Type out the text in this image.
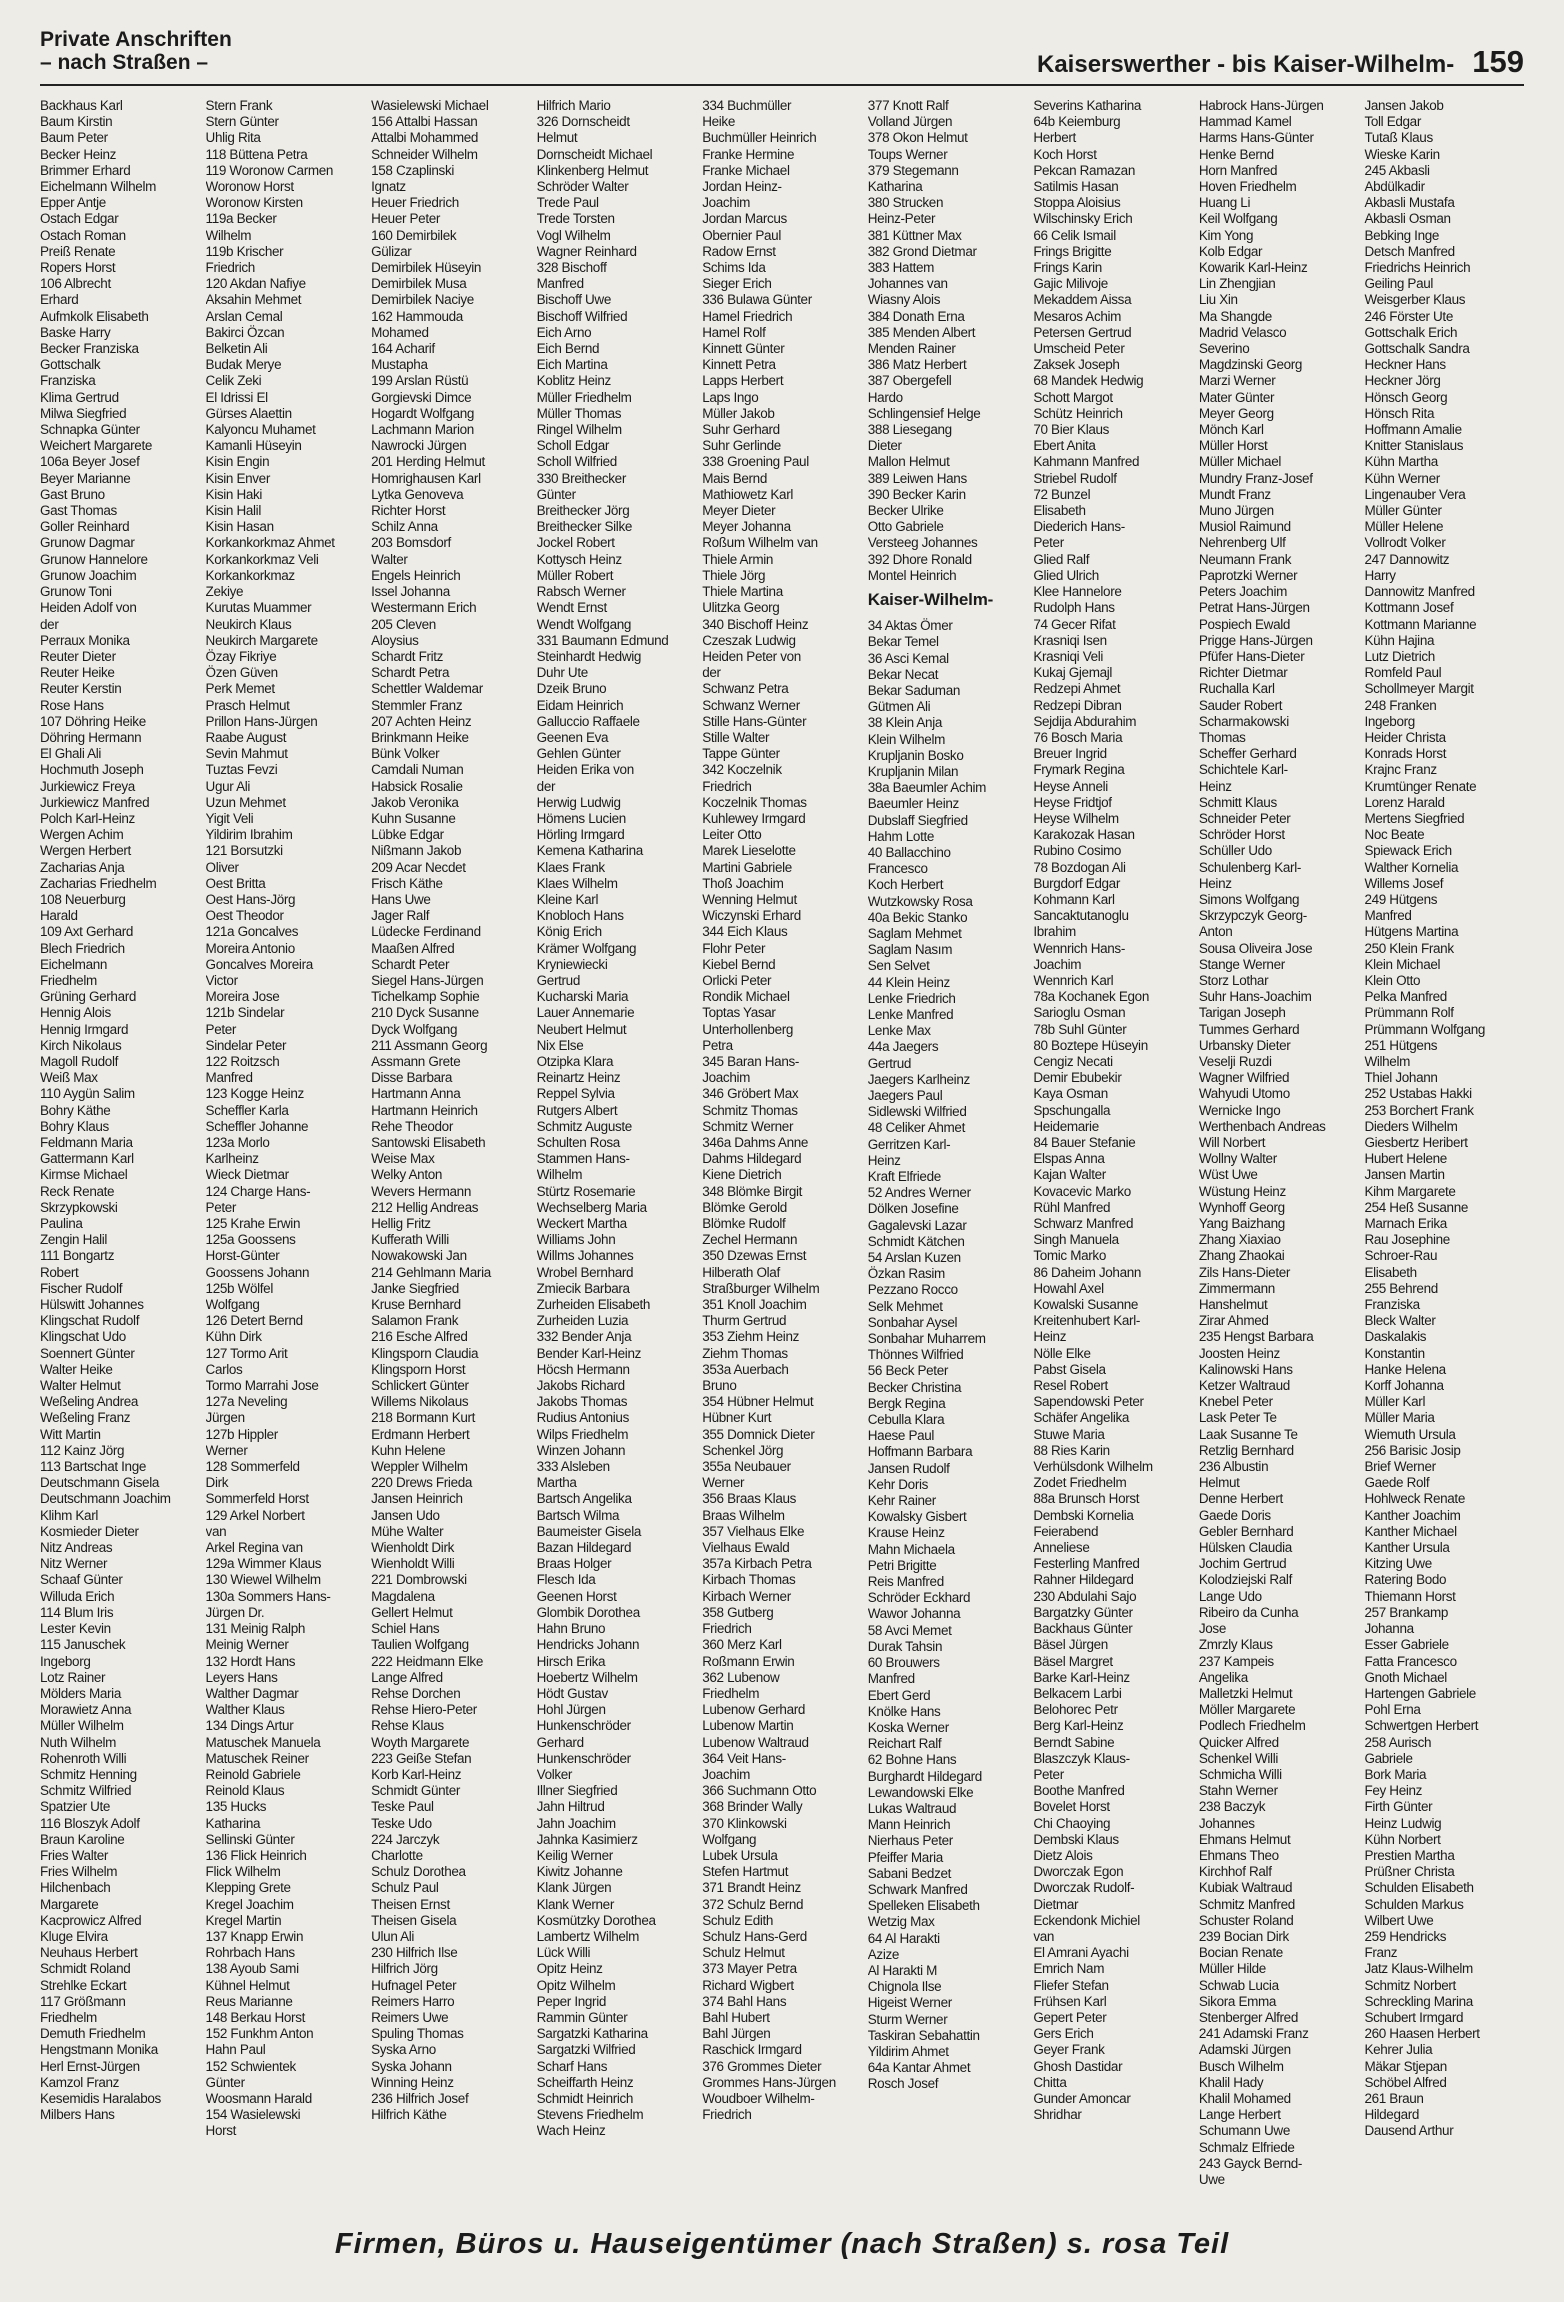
Private Anschriften
– nach Straßen –	Kaiserswerther - bis Kaiser-Wilhelm- 159
Backhaus Karl
Baum Kirstin
Baum Peter
Becker Heinz
Brimmer Erhard
Eichelmann Wilhelm
Epper Antje
Ostach Edgar
Ostach Roman
Preiß Renate
Ropers Horst
106 Albrecht
Erhard
Aufmkolk Elisabeth
Baske Harry
Becker Franziska
Gottschalk
Franziska
Klima Gertrud
Milwa Siegfried
Schnapka Günter
Weichert Margarete
106a Beyer Josef
Beyer Marianne
Gast Bruno
Gast Thomas
Goller Reinhard
Grunow Dagmar
Grunow Hannelore
Grunow Joachim
Grunow Toni
Heiden Adolf von
der
Perraux Monika
Reuter Dieter
Reuter Heike
Reuter Kerstin
Rose Hans
107 Döhring Heike
Döhring Hermann
El Ghali Ali
Hochmuth Joseph
Jurkiewicz Freya
Jurkiewicz Manfred
Polch Karl-Heinz
Wergen Achim
Wergen Herbert
Zacharias Anja
Zacharias Friedhelm
108 Neuerburg
Harald
109 Axt Gerhard
Blech Friedrich
Eichelmann
Friedhelm
Grüning Gerhard
Hennig Alois
Hennig Irmgard
Kirch Nikolaus
Magoll Rudolf
Weiß Max
110 Aygün Salim
Bohry Käthe
Bohry Klaus
Feldmann Maria
Gattermann Karl
Kirmse Michael
Reck Renate
Skrzypkowski
Paulina
Zengin Halil
111 Bongartz
Robert
Fischer Rudolf
Hülswitt Johannes
Klingschat Rudolf
Klingschat Udo
Soennert Günter
Walter Heike
Walter Helmut
Weßeling Andrea
Weßeling Franz
Witt Martin
112 Kainz Jörg
113 Bartschat Inge
Deutschmann Gisela
Deutschmann Joachim
Klihm Karl
Kosmieder Dieter
Nitz Andreas
Nitz Werner
Schaaf Günter
Willuda Erich
114 Blum Iris
Lester Kevin
115 Januschek
Ingeborg
Lotz Rainer
Mölders Maria
Morawietz Anna
Müller Wilhelm
Nuth Wilhelm
Rohenroth Willi
Schmitz Henning
Schmitz Wilfried
Spatzier Ute
116 Bloszyk Adolf
Braun Karoline
Fries Walter
Fries Wilhelm
Hilchenbach
Margarete
Kacprowicz Alfred
Kluge Elvira
Neuhaus Herbert
Schmidt Roland
Strehlke Eckart
117 Größmann
Friedhelm
Demuth Friedhelm
Hengstmann Monika
Herl Ernst-Jürgen
Kamzol Franz
Kesemidis Haralabos
Milbers Hans
Stern Frank
Stern Günter
Uhlig Rita
118 Büttena Petra
119 Woronow Carmen
Woronow Horst
Woronow Kirsten
119a Becker
Wilhelm
119b Krischer
Friedrich
120 Akdan Nafiye
Aksahin Mehmet
Arslan Cemal
Bakirci Özcan
Belketin Ali
Budak Merye
Celik Zeki
El Idrissi El
Gürses Alaettin
Kalyoncu Muhamet
Kamanli Hüseyin
Kisin Engin
Kisin Enver
Kisin Haki
Kisin Halil
Kisin Hasan
Korkankorkmaz Ahmet
Korkankorkmaz Veli
Korkankorkmaz
Zekiye
Kurutas Muammer
Neukirch Klaus
Neukirch Margarete
Özay Fikriye
Özen Güven
Perk Memet
Prasch Helmut
Prillon Hans-Jürgen
Raabe August
Sevin Mahmut
Tuztas Fevzi
Ugur Ali
Uzun Mehmet
Yigit Veli
Yildirim Ibrahim
121 Borsutzki
Oliver
Oest Britta
Oest Hans-Jörg
Oest Theodor
121a Goncalves
Moreira Antonio
Goncalves Moreira
Victor
Moreira Jose
121b Sindelar
Peter
Sindelar Peter
122 Roitzsch
Manfred
123 Kogge Heinz
Scheffler Karla
Scheffler Johanne
123a Morlo
Karlheinz
Wieck Dietmar
124 Charge Hans-
Peter
125 Krahe Erwin
125a Goossens
Horst-Günter
Goossens Johann
125b Wölfel
Wolfgang
126 Detert Bernd
Kühn Dirk
127 Tormo Arit
Carlos
Tormo Marrahi Jose
127a Neveling
Jürgen
127b Hippler
Werner
128 Sommerfeld
Dirk
Sommerfeld Horst
129 Arkel Norbert
van
Arkel Regina van
129a Wimmer Klaus
130 Wiewel Wilhelm
130a Sommers Hans-
Jürgen Dr.
131 Meinig Ralph
Meinig Werner
132 Hordt Hans
Leyers Hans
Walther Dagmar
Walther Klaus
134 Dings Artur
Matuschek Manuela
Matuschek Reiner
Reinold Gabriele
Reinold Klaus
135 Hucks
Katharina
Sellinski Günter
136 Flick Heinrich
Flick Wilhelm
Klepping Grete
Kregel Joachim
Kregel Martin
137 Knapp Erwin
Rohrbach Hans
138 Ayoub Sami
Kühnel Helmut
Reus Marianne
148 Berkau Horst
152 Funkhm Anton
Hahn Paul
152 Schwientek
Günter
Woosmann Harald
154 Wasielewski
Horst
Wasielewski Michael
156 Attalbi Hassan
Attalbi Mohammed
Schneider Wilhelm
158 Czaplinski
Ignatz
Heuer Friedrich
Heuer Peter
160 Demirbilek
Gülizar
Demirbilek Hüseyin
Demirbilek Musa
Demirbilek Naciye
162 Hammouda
Mohamed
164 Acharif
Mustapha
199 Arslan Rüstü
Gorgievski Dimce
Hogardt Wolfgang
Lachmann Marion
Nawrocki Jürgen
201 Herding Helmut
Homrighausen Karl
Lytka Genoveva
Richter Horst
Schilz Anna
203 Bomsdorf
Walter
Engels Heinrich
Issel Johanna
Westermann Erich
205 Cleven
Aloysius
Schardt Fritz
Schardt Petra
Schettler Waldemar
Stemmler Franz
207 Achten Heinz
Brinkmann Heike
Bünk Volker
Camdali Numan
Habsick Rosalie
Jakob Veronika
Kuhn Susanne
Lübke Edgar
Nißmann Jakob
209 Acar Necdet
Frisch Käthe
Hans Uwe
Jager Ralf
Lüdecke Ferdinand
Maaßen Alfred
Schardt Peter
Siegel Hans-Jürgen
Tichelkamp Sophie
210 Dyck Susanne
Dyck Wolfgang
211 Assmann Georg
Assmann Grete
Disse Barbara
Hartmann Anna
Hartmann Heinrich
Rehe Theodor
Santowski Elisabeth
Weise Max
Welky Anton
Wevers Hermann
212 Hellig Andreas
Hellig Fritz
Kufferath Willi
Nowakowski Jan
214 Gehlmann Maria
Janke Siegfried
Kruse Bernhard
Salamon Frank
216 Esche Alfred
Klingsporn Claudia
Klingsporn Horst
Schlickert Günter
Willems Nikolaus
218 Bormann Kurt
Erdmann Herbert
Kuhn Helene
Weppler Wilhelm
220 Drews Frieda
Jansen Heinrich
Jansen Udo
Mühe Walter
Wienholdt Dirk
Wienholdt Willi
221 Dombrowski
Magdalena
Gellert Helmut
Schiel Hans
Taulien Wolfgang
222 Heidmann Elke
Lange Alfred
Rehse Dorchen
Rehse Hiero-Peter
Rehse Klaus
Woyth Margarete
223 Geiße Stefan
Korb Karl-Heinz
Schmidt Günter
Teske Paul
Teske Udo
224 Jarczyk
Charlotte
Schulz Dorothea
Schulz Paul
Theisen Ernst
Theisen Gisela
Ulun Ali
230 Hilfrich Ilse
Hilfrich Jörg
Hufnagel Peter
Reimers Harro
Reimers Uwe
Spuling Thomas
Syska Arno
Syska Johann
Winning Heinz
236 Hilfrich Josef
Hilfrich Käthe
Hilfrich Mario
326 Dornscheidt
Helmut
Dornscheidt Michael
Klinkenberg Helmut
Schröder Walter
Trede Paul
Trede Torsten
Vogl Wilhelm
Wagner Reinhard
328 Bischoff
Manfred
Bischoff Uwe
Bischoff Wilfried
Eich Arno
Eich Bernd
Eich Martina
Koblitz Heinz
Müller Friedhelm
Müller Thomas
Ringel Wilhelm
Scholl Edgar
Scholl Wilfried
330 Breithecker
Günter
Breithecker Jörg
Breithecker Silke
Jockel Robert
Kottysch Heinz
Müller Robert
Rabsch Werner
Wendt Ernst
Wendt Wolfgang
331 Baumann Edmund
Steinhardt Hedwig
Duhr Ute
Dzeik Bruno
Eidam Heinrich
Galluccio Raffaele
Geenen Eva
Gehlen Günter
Heiden Erika von
der
Herwig Ludwig
Hömens Lucien
Hörling Irmgard
Kemena Katharina
Klaes Frank
Klaes Wilhelm
Kleine Karl
Knobloch Hans
König Erich
Krämer Wolfgang
Kryniewiecki
Gertrud
Kucharski Maria
Lauer Annemarie
Neubert Helmut
Nix Else
Otzipka Klara
Reinartz Heinz
Reppel Sylvia
Rutgers Albert
Schmitz Auguste
Schulten Rosa
Stammen Hans-
Wilhelm
Stürtz Rosemarie
Wechselberg Maria
Weckert Martha
Williams John
Willms Johannes
Wrobel Bernhard
Zmiecik Barbara
Zurheiden Elisabeth
Zurheiden Luzia
332 Bender Anja
Bender Karl-Heinz
Höcsh Hermann
Jakobs Richard
Jakobs Thomas
Rudius Antonius
Wilps Friedhelm
Winzen Johann
333 Alsleben
Martha
Bartsch Angelika
Bartsch Wilma
Baumeister Gisela
Bazan Hildegard
Braas Holger
Flesch Ida
Geenen Horst
Glombik Dorothea
Hahn Bruno
Hendricks Johann
Hirsch Erika
Hoebertz Wilhelm
Hödt Gustav
Hohl Jürgen
Hunkenschröder
Gerhard
Hunkenschröder
Volker
Illner Siegfried
Jahn Hiltrud
Jahn Joachim
Jahnka Kasimierz
Keilig Werner
Kiwitz Johanne
Klank Jürgen
Klank Werner
Kosmützky Dorothea
Lambertz Wilhelm
Lück Willi
Opitz Heinz
Opitz Wilhelm
Peper Ingrid
Rammin Günter
Sargatzki Katharina
Sargatzki Wilfried
Scharf Hans
Scheiffarth Heinz
Schmidt Heinrich
Stevens Friedhelm
Wach Heinz
334 Buchmüller
Heike
Buchmüller Heinrich
Franke Hermine
Franke Michael
Jordan Heinz-
Joachim
Jordan Marcus
Obernier Paul
Radow Ernst
Schims Ida
Sieger Erich
336 Bulawa Günter
Hamel Friedrich
Hamel Rolf
Kinnett Günter
Kinnett Petra
Lapps Herbert
Laps Ingo
Müller Jakob
Suhr Gerhard
Suhr Gerlinde
338 Groening Paul
Mais Bernd
Mathiowetz Karl
Meyer Dieter
Meyer Johanna
Roßum Wilhelm van
Thiele Armin
Thiele Jörg
Thiele Martina
Ulitzka Georg
340 Bischoff Heinz
Czeszak Ludwig
Heiden Peter von
der
Schwanz Petra
Schwanz Werner
Stille Hans-Günter
Stille Walter
Tappe Günter
342 Koczelnik
Friedrich
Koczelnik Thomas
Kuhlewey Irmgard
Leiter Otto
Marek Lieselotte
Martini Gabriele
Thoß Joachim
Wenning Helmut
Wiczynski Erhard
344 Eich Klaus
Flohr Peter
Kiebel Bernd
Orlicki Peter
Rondik Michael
Toptas Yasar
Unterhollenberg
Petra
345 Baran Hans-
Joachim
346 Gröbert Max
Schmitz Thomas
Schmitz Werner
346a Dahms Anne
Dahms Hildegard
Kiene Dietrich
348 Blömke Birgit
Blömke Gerold
Blömke Rudolf
Zechel Hermann
350 Dzewas Ernst
Hilberath Olaf
Straßburger Wilhelm
351 Knoll Joachim
Thurm Gertrud
353 Ziehm Heinz
Ziehm Thomas
353a Auerbach
Bruno
354 Hübner Helmut
Hübner Kurt
355 Domnick Dieter
Schenkel Jörg
355a Neubauer
Werner
356 Braas Klaus
Braas Wilhelm
357 Vielhaus Elke
Vielhaus Ewald
357a Kirbach Petra
Kirbach Thomas
Kirbach Werner
358 Gutberg
Friedrich
360 Merz Karl
Roßmann Erwin
362 Lubenow
Friedhelm
Lubenow Gerhard
Lubenow Martin
Lubenow Waltraud
364 Veit Hans-
Joachim
366 Suchmann Otto
368 Brinder Wally
370 Klinkowski
Wolfgang
Lubek Ursula
Stefen Hartmut
371 Brandt Heinz
372 Schulz Bernd
Schulz Edith
Schulz Hans-Gerd
Schulz Helmut
373 Mayer Petra
Richard Wigbert
374 Bahl Hans
Bahl Hubert
Bahl Jürgen
Raschick Irmgard
376 Grommes Dieter
Grommes Hans-Jürgen
Woudboer Wilhelm-
Friedrich
377 Knott Ralf
Volland Jürgen
378 Okon Helmut
Toups Werner
379 Stegemann
Katharina
380 Strucken
Heinz-Peter
381 Küttner Max
382 Grond Dietmar
383 Hattem
Johannes van
Wiasny Alois
384 Donath Erna
385 Menden Albert
Menden Rainer
386 Matz Herbert
387 Obergefell
Hardo
Schlingensief Helge
388 Liesegang
Dieter
Mallon Helmut
389 Leiwen Hans
390 Becker Karin
Becker Ulrike
Otto Gabriele
Versteeg Johannes
392 Dhore Ronald
Montel Heinrich
Kaiser-Wilhelm-
34 Aktas Ömer
Bekar Temel
36 Asci Kemal
Bekar Necat
Bekar Saduman
Gütmen Ali
38 Klein Anja
Klein Wilhelm
Krupljanin Bosko
Krupljanin Milan
38a Baeumler Achim
Baeumler Heinz
Dubslaff Siegfried
Hahm Lotte
40 Ballacchino
Francesco
Koch Herbert
Wutzkowsky Rosa
40a Bekic Stanko
Saglam Mehmet
Saglam Nasım
Sen Selvet
44 Klein Heinz
Lenke Friedrich
Lenke Manfred
Lenke Max
44a Jaegers
Gertrud
Jaegers Karlheinz
Jaegers Paul
Sidlewski Wilfried
48 Celiker Ahmet
Gerritzen Karl-
Heinz
Kraft Elfriede
52 Andres Werner
Dölken Josefine
Gagalevski Lazar
Schmidt Kätchen
54 Arslan Kuzen
Özkan Rasim
Pezzano Rocco
Selk Mehmet
Sonbahar Aysel
Sonbahar Muharrem
Thönnes Wilfried
56 Beck Peter
Becker Christina
Bergk Regina
Cebulla Klara
Haese Paul
Hoffmann Barbara
Jansen Rudolf
Kehr Doris
Kehr Rainer
Kowalsky Gisbert
Krause Heinz
Mahn Michaela
Petri Brigitte
Reis Manfred
Schröder Eckhard
Wawor Johanna
58 Avci Memet
Durak Tahsin
60 Brouwers
Manfred
Ebert Gerd
Knölke Hans
Koska Werner
Reichart Ralf
62 Bohne Hans
Burghardt Hildegard
Lewandowski Elke
Lukas Waltraud
Mann Heinrich
Nierhaus Peter
Pfeiffer Maria
Sabani Bedzet
Schwark Manfred
Spelleken Elisabeth
Wetzig Max
64 Al Harakti
Azize
Al Harakti M
Chignola Ilse
Higeist Werner
Sturm Werner
Taskiran Sebahattin
Yildirim Ahmet
64a Kantar Ahmet
Rosch Josef
Severins Katharina
64b Keiemburg
Herbert
Koch Horst
Pekcan Ramazan
Satilmis Hasan
Stoppa Aloisius
Wilschinsky Erich
66 Celik Ismail
Frings Brigitte
Frings Karin
Gajic Milivoje
Mekaddem Aissa
Mesaros Achim
Petersen Gertrud
Umscheid Peter
Zaksek Joseph
68 Mandek Hedwig
Schott Margot
Schütz Heinrich
70 Bier Klaus
Ebert Anita
Kahmann Manfred
Striebel Rudolf
72 Bunzel
Elisabeth
Diederich Hans-
Peter
Glied Ralf
Glied Ulrich
Klee Hannelore
Rudolph Hans
74 Gecer Rifat
Krasniqi Isen
Krasniqi Veli
Kukaj Gjemajl
Redzepi Ahmet
Redzepi Dibran
Sejdija Abdurahim
76 Bosch Maria
Breuer Ingrid
Frymark Regina
Heyse Anneli
Heyse Fridtjof
Heyse Wilhelm
Karakozak Hasan
Rubino Cosimo
78 Bozdogan Ali
Burgdorf Edgar
Kohmann Karl
Sancaktutanoglu
Ibrahim
Wennrich Hans-
Joachim
Wennrich Karl
78a Kochanek Egon
Sarioglu Osman
78b Suhl Günter
80 Boztepe Hüseyin
Cengiz Necati
Demir Ebubekir
Kaya Osman
Spschungalla
Heidemarie
84 Bauer Stefanie
Elspas Anna
Kajan Walter
Kovacevic Marko
Rühl Manfred
Schwarz Manfred
Singh Manuela
Tomic Marko
86 Daheim Johann
Howahl Axel
Kowalski Susanne
Kreitenhubert Karl-
Heinz
Nölle Elke
Pabst Gisela
Resel Robert
Sapendowski Peter
Schäfer Angelika
Stuwe Maria
88 Ries Karin
Verhülsdonk Wilhelm
Zodet Friedhelm
88a Brunsch Horst
Dembski Kornelia
Feierabend
Anneliese
Festerling Manfred
Rahner Hildegard
230 Abdulahi Sajo
Bargatzky Günter
Backhaus Günter
Bäsel Jürgen
Bäsel Margret
Barke Karl-Heinz
Belkacem Larbi
Belohorec Petr
Berg Karl-Heinz
Berndt Sabine
Blaszczyk Klaus-
Peter
Boothe Manfred
Bovelet Horst
Chi Chaoying
Dembski Klaus
Dietz Alois
Dworczak Egon
Dworczak Rudolf-
Dietmar
Eckendonk Michiel
van
El Amrani Ayachi
Emrich Nam
Fliefer Stefan
Frühsen Karl
Gepert Peter
Gers Erich
Geyer Frank
Ghosh Dastidar
Chitta
Gunder Amoncar
Shridhar
Habrock Hans-Jürgen
Hammad Kamel
Harms Hans-Günter
Henke Bernd
Horn Manfred
Hoven Friedhelm
Huang Li
Keil Wolfgang
Kim Yong
Kolb Edgar
Kowarik Karl-Heinz
Lin Zhengjian
Liu Xin
Ma Shangde
Madrid Velasco
Severino
Magdzinski Georg
Marzi Werner
Mater Günter
Meyer Georg
Mönch Karl
Müller Horst
Müller Michael
Mundry Franz-Josef
Mundt Franz
Muno Jürgen
Musiol Raimund
Nehrenberg Ulf
Neumann Frank
Paprotzki Werner
Peters Joachim
Petrat Hans-Jürgen
Pospiech Ewald
Prigge Hans-Jürgen
Pfüfer Hans-Dieter
Richter Dietmar
Ruchalla Karl
Sauder Robert
Scharmakowski
Thomas
Scheffer Gerhard
Schichtele Karl-
Heinz
Schmitt Klaus
Schneider Peter
Schröder Horst
Schüller Udo
Schulenberg Karl-
Heinz
Simons Wolfgang
Skrzypczyk Georg-
Anton
Sousa Oliveira Jose
Stange Werner
Storz Lothar
Suhr Hans-Joachim
Tarigan Joseph
Tummes Gerhard
Urbansky Dieter
Veselji Ruzdi
Wagner Wilfried
Wahyudi Utomo
Wernicke Ingo
Werthenbach Andreas
Will Norbert
Wollny Walter
Wüst Uwe
Wüstung Heinz
Wynhoff Georg
Yang Baizhang
Zhang Xiaxiao
Zhang Zhaokai
Zils Hans-Dieter
Zimmermann
Hanshelmut
Zirar Ahmed
235 Hengst Barbara
Joosten Heinz
Kalinowski Hans
Ketzer Waltraud
Knebel Peter
Lask Peter Te
Laak Susanne Te
Retzlig Bernhard
236 Albustin
Helmut
Denne Herbert
Gaede Doris
Gebler Bernhard
Hülsken Claudia
Jochim Gertrud
Kolodziejski Ralf
Lange Udo
Ribeiro da Cunha
Jose
Zmrzly Klaus
237 Kampeis
Angelika
Malletzki Helmut
Möller Margarete
Podlech Friedhelm
Quicker Alfred
Schenkel Willi
Schmicha Willi
Stahn Werner
238 Baczyk
Johannes
Ehmans Helmut
Ehmans Theo
Kirchhof Ralf
Kubiak Waltraud
Schmitz Manfred
Schuster Roland
239 Bocian Dirk
Bocian Renate
Müller Hilde
Schwab Lucia
Sikora Emma
Stenberger Alfred
241 Adamski Franz
Adamski Jürgen
Busch Wilhelm
Khalil Hady
Khalil Mohamed
Lange Herbert
Schumann Uwe
Schmalz Elfriede
243 Gayck Bernd-
Uwe
Jansen Jakob
Toll Edgar
Tutaß Klaus
Wieske Karin
245 Akbasli
Abdülkadir
Akbasli Mustafa
Akbasli Osman
Bebking Inge
Detsch Manfred
Friedrichs Heinrich
Geiling Paul
Weisgerber Klaus
246 Förster Ute
Gottschalk Erich
Gottschalk Sandra
Heckner Hans
Heckner Jörg
Hönsch Georg
Hönsch Rita
Hoffmann Amalie
Knitter Stanislaus
Kühn Martha
Kühn Werner
Lingenauber Vera
Müller Günter
Müller Helene
Vollrodt Volker
247 Dannowitz
Harry
Dannowitz Manfred
Kottmann Josef
Kottmann Marianne
Kühn Hajina
Lutz Dietrich
Romfeld Paul
Schollmeyer Margit
248 Franken
Ingeborg
Heider Christa
Konrads Horst
Krajnc Franz
Krumtünger Renate
Lorenz Harald
Mertens Siegfried
Noc Beate
Spiewack Erich
Walther Kornelia
Willems Josef
249 Hütgens
Manfred
Hütgens Martina
250 Klein Frank
Klein Michael
Klein Otto
Pelka Manfred
Prümmann Rolf
Prümmann Wolfgang
251 Hütgens
Wilhelm
Thiel Johann
252 Ustabas Hakki
253 Borchert Frank
Dieders Wilhelm
Giesbertz Heribert
Hubert Helene
Jansen Martin
Kihm Margarete
254 Heß Susanne
Marnach Erika
Rau Josephine
Schroer-Rau
Elisabeth
255 Behrend
Franziska
Bleck Walter
Daskalakis
Konstantin
Hanke Helena
Korff Johanna
Müller Karl
Müller Maria
Wiemuth Ursula
256 Barisic Josip
Brief Werner
Gaede Rolf
Hohlweck Renate
Kanther Joachim
Kanther Michael
Kanther Ursula
Kitzing Uwe
Ratering Bodo
Thiemann Horst
257 Brankamp
Johanna
Esser Gabriele
Fatta Francesco
Gnoth Michael
Hartengen Gabriele
Pohl Erna
Schwertgen Herbert
258 Aurisch
Gabriele
Bork Maria
Fey Heinz
Firth Günter
Heinz Ludwig
Kühn Norbert
Prestien Martha
Prüßner Christa
Schulden Elisabeth
Schulden Markus
Wilbert Uwe
259 Hendricks
Franz
Jatz Klaus-Wilhelm
Schmitz Norbert
Schreckling Marina
Schubert Irmgard
260 Haasen Herbert
Kehrer Julia
Mäkar Stjepan
Schöbel Alfred
261 Braun
Hildegard
Dausend Arthur
Firmen, Büros u. Hauseigentümer (nach Straßen) s. rosa Teil
